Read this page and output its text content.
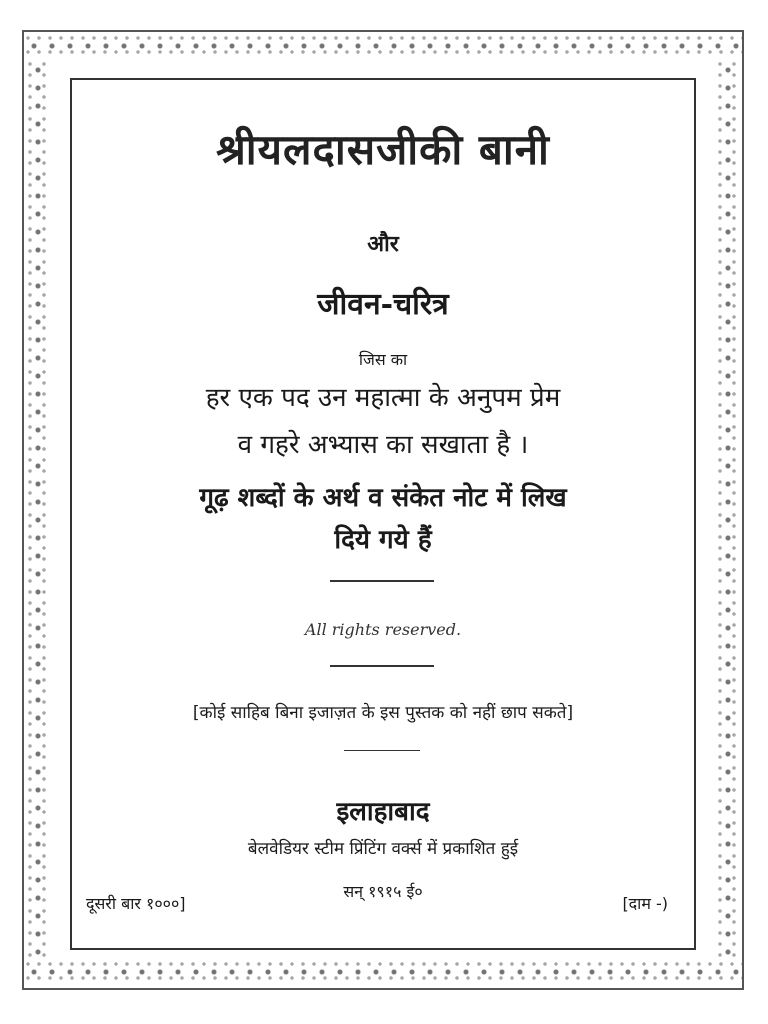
श्रीयलदासजीकी बानी
और
जीवन-चरित्र
जिस का
हर एक पद उन महात्मा के अनुपम प्रेम
व गहरे अभ्यास का सखाता है ।
गूढ़ शब्दों के अर्थ व संकेत नोट में लिख
दिये गये हैं
All rights reserved.
[कोई साहिब बिना इजाज़त के इस पुस्तक को नहीं छाप सकते]
इलाहाबाद
बेलवेडियर स्टीम प्रिंटिंग वर्क्स में प्रकाशित हुई
सन् १९१५ ई०
दूसरी बार १०००]	[दाम -)
